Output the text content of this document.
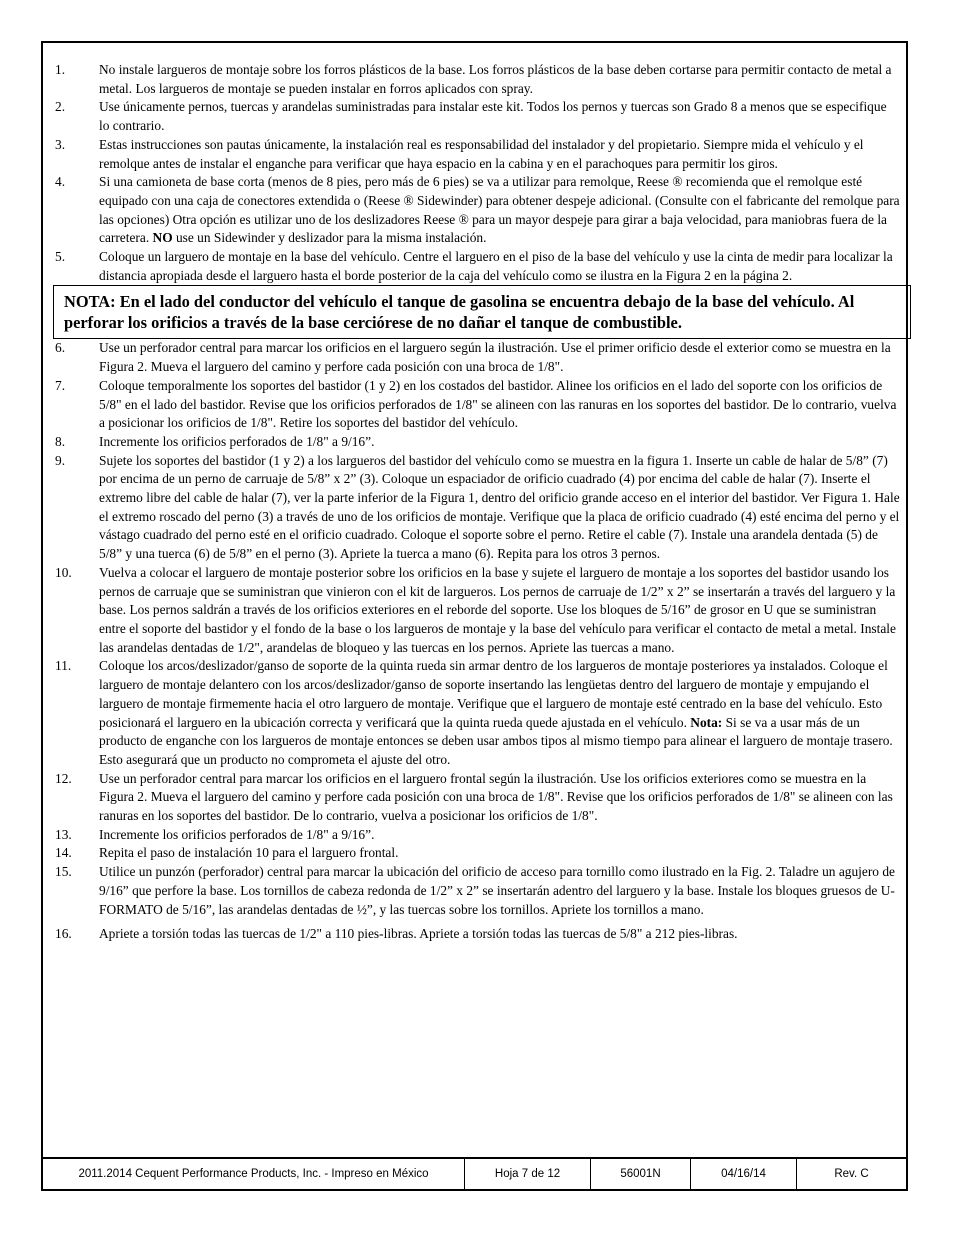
1.	No instale largueros de montaje sobre los forros plásticos de la base. Los forros plásticos de la base deben cortarse para permitir contacto de metal a metal. Los largueros de montaje se pueden instalar en forros aplicados con spray.
2.	Use únicamente pernos, tuercas y arandelas suministradas para instalar este kit. Todos los pernos y tuercas son Grado 8 a menos que se especifique lo contrario.
3.	Estas instrucciones son pautas únicamente, la instalación real es responsabilidad del instalador y del propietario. Siempre mida el vehículo y el remolque antes de instalar el enganche para verificar que haya espacio en la cabina y en el parachoques para permitir los giros.
4.	Si una camioneta de base corta (menos de 8 pies, pero más de 6 pies) se va a utilizar para remolque, Reese ® recomienda que el remolque esté equipado con una caja de conectores extendida o (Reese ® Sidewinder) para obtener despeje adicional. (Consulte con el fabricante del remolque para las opciones) Otra opción es utilizar uno de los deslizadores Reese ® para un mayor despeje para girar a baja velocidad, para maniobras fuera de la carretera. NO use un Sidewinder y deslizador para la misma instalación.
5.	Coloque un larguero de montaje en la base del vehículo. Centre el larguero en el piso de la base del vehículo y use la cinta de medir para localizar la distancia apropiada desde el larguero hasta el borde posterior de la caja del vehículo como se ilustra en la Figura 2 en la página 2.
NOTA: En el lado del conductor del vehículo el tanque de gasolina se encuentra debajo de la base del vehículo. Al perforar los orificios a través de la base cerciórese de no dañar el tanque de combustible.
6.	Use un perforador central para marcar los orificios en el larguero según la ilustración. Use el primer orificio desde el exterior como se muestra en la Figura 2. Mueva el larguero del camino y perfore cada posición con una broca de 1/8".
7.	Coloque temporalmente los soportes del bastidor (1 y 2) en los costados del bastidor. Alinee los orificios en el lado del soporte con los orificios de 5/8" en el lado del bastidor. Revise que los orificios perforados de 1/8" se alineen con las ranuras en los soportes del bastidor. De lo contrario, vuelva a posicionar los orificios de 1/8". Retire los soportes del bastidor del vehículo.
8.	Incremente los orificios perforados de 1/8" a 9/16”.
9.	Sujete los soportes del bastidor (1 y 2) a los largueros del bastidor del vehículo como se muestra en la figura 1. Inserte un cable de halar de 5/8” (7) por encima de un perno de carruaje de 5/8” x 2” (3). Coloque un espaciador de orificio cuadrado (4) por encima del cable de halar (7). Inserte el extremo libre del cable de halar (7), ver la parte inferior de la Figura 1, dentro del orificio grande acceso en el interior del bastidor. Ver Figura 1. Hale el extremo roscado del perno (3) a través de uno de los orificios de montaje. Verifique que la placa de orificio cuadrado (4) esté encima del perno y el vástago cuadrado del perno esté en el orificio cuadrado. Coloque el soporte sobre el perno. Retire el cable (7). Instale una arandela dentada (5) de 5/8” y una tuerca (6) de 5/8” en el perno (3). Apriete la tuerca a mano (6). Repita para los otros 3 pernos.
10.	Vuelva a colocar el larguero de montaje posterior sobre los orificios en la base y sujete el larguero de montaje a los soportes del bastidor usando los pernos de carruaje que se suministran que vinieron con el kit de largueros. Los pernos de carruaje de 1/2” x 2” se insertarán a través del larguero y la base. Los pernos saldrán a través de los orificios exteriores en el reborde del soporte. Use los bloques de 5/16” de grosor en U que se suministran entre el soporte del bastidor y el fondo de la base o los largueros de montaje y la base del vehículo para verificar el contacto de metal a metal. Instale las arandelas dentadas de 1/2", arandelas de bloqueo y las tuercas en los pernos. Apriete las tuercas a mano.
11.	Coloque los arcos/deslizador/ganso de soporte de la quinta rueda sin armar dentro de los largueros de montaje posteriores ya instalados. Coloque el larguero de montaje delantero con los arcos/deslizador/ganso de soporte insertando las lengüetas dentro del larguero de montaje y empujando el larguero de montaje firmemente hacia el otro larguero de montaje. Verifique que el larguero de montaje esté centrado en la base del vehículo. Esto posicionará el larguero en la ubicación correcta y verificará que la quinta rueda quede ajustada en el vehículo. Nota: Si se va a usar más de un producto de enganche con los largueros de montaje entonces se deben usar ambos tipos al mismo tiempo para alinear el larguero de montaje trasero. Esto asegurará que un producto no comprometa el ajuste del otro.
12.	Use un perforador central para marcar los orificios en el larguero frontal según la ilustración. Use los orificios exteriores como se muestra en la Figura 2. Mueva el larguero del camino y perfore cada posición con una broca de 1/8". Revise que los orificios perforados de 1/8" se alineen con las ranuras en los soportes del bastidor. De lo contrario, vuelva a posicionar los orificios de 1/8".
13.	Incremente los orificios perforados de 1/8" a 9/16”.
14.	Repita el paso de instalación 10 para el larguero frontal.
15.	Utilice un punzón (perforador) central para marcar la ubicación del orificio de acceso para tornillo como ilustrado en la Fig. 2. Taladre un agujero de 9/16” que perfore la base. Los tornillos de cabeza redonda de 1/2” x 2” se insertarán adentro del larguero y la base. Instale los bloques gruesos de U-FORMATO de 5/16”, las arandelas dentadas de ½”, y las tuercas sobre los tornillos. Apriete los tornillos a mano.
16.	Apriete a torsión todas las tuercas de 1/2" a 110 pies-libras. Apriete a torsión todas las tuercas de 5/8" a 212 pies-libras.
2011.2014 Cequent Performance Products, Inc. - Impreso en México	Hoja 7 de 12	56001N	04/16/14	Rev. C
